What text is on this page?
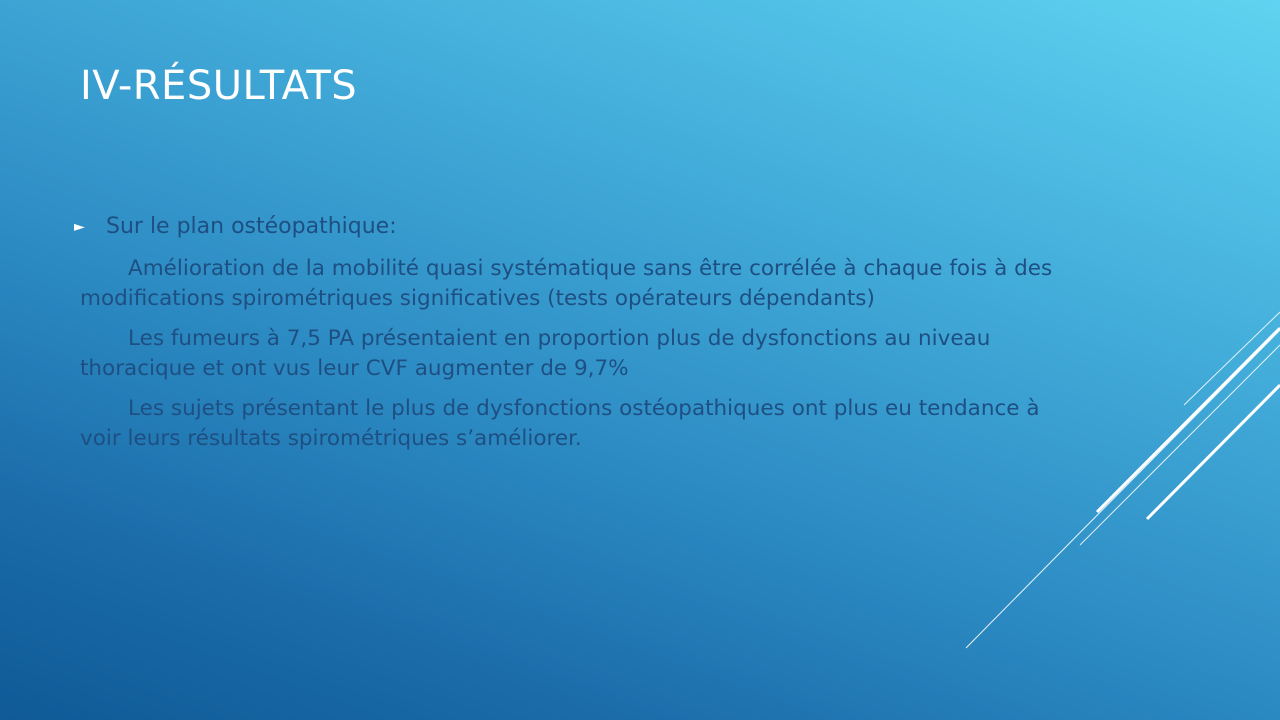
IV-RÉSULTATS
► Sur le plan ostéopathique:

Amélioration de la mobilité quasi systématique sans être corrélée à chaque fois à des modifications spirométriques significatives (tests opérateurs dépendants)

Les fumeurs à 7,5 PA présentaient en proportion plus de dysfonctions au niveau thoracique et ont vus leur CVF augmenter de 9,7%

Les sujets présentant le plus de dysfonctions ostéopathiques ont plus eu tendance à voir leurs résultats spirométriques s’améliorer.
